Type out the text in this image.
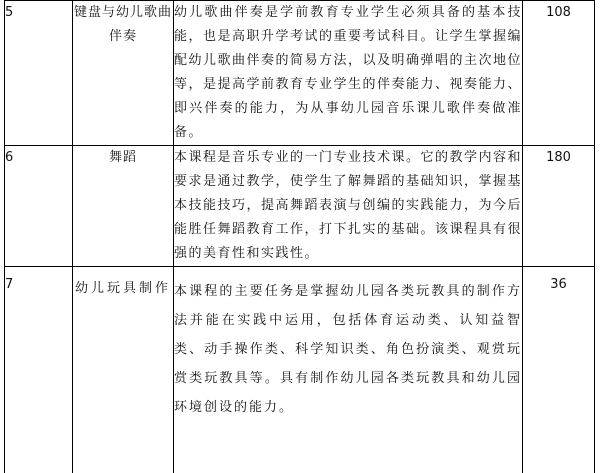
5	键盘与幼儿歌曲伴奏	幼儿歌曲伴奏是学前教育专业学生必须具备的基本技能，也是高职升学考试的重要考试科目。让学生掌握编配幼儿歌曲伴奏的简易方法，以及明确弹唱的主次地位等，是提高学前教育专业学生的伴奏能力、视奏能力、即兴伴奏的能力，为从事幼儿园音乐课儿歌伴奏做准备。	108
6	舞蹈	本课程是音乐专业的一门专业技术课。它的教学内容和要求是通过教学，使学生了解舞蹈的基础知识，掌握基本技能技巧，提高舞蹈表演与创编的实践能力，为今后能胜任舞蹈教育工作，打下扎实的基础。该课程具有很强的美育性和实践性。	180
7	幼儿玩具制作	本课程的主要任务是掌握幼儿园各类玩教具的制作方法并能在实践中运用，包括体育运动类、认知益智类、动手操作类、科学知识类、角色扮演类、观赏玩赏类玩教具等。具有制作幼儿园各类玩教具和幼儿园环境创设的能力。	36
